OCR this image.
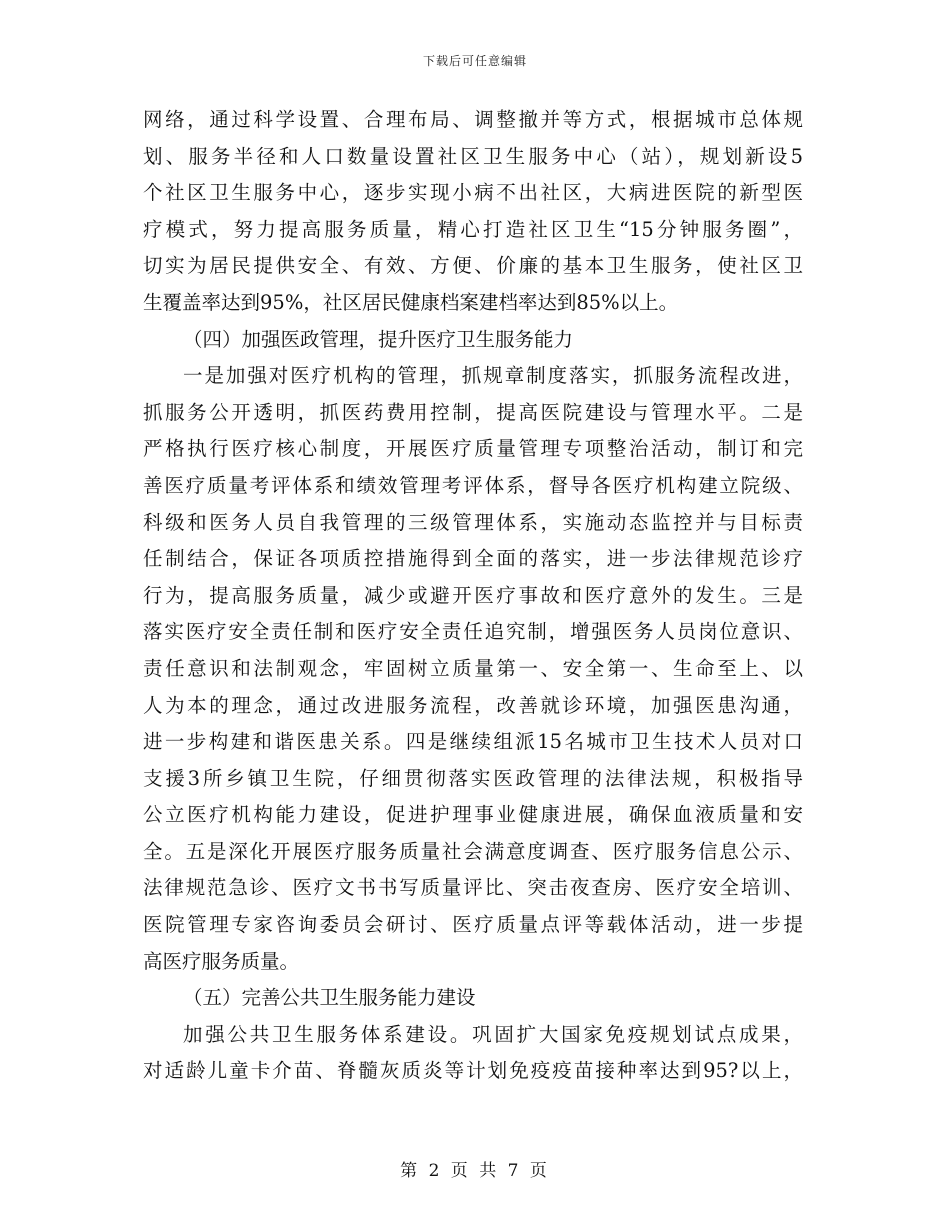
下载后可任意编辑
网络，通过科学设置、合理布局、调整撤并等方式，根据城市总体规
划、服务半径和人口数量设置社区卫生服务中心（站），规划新设5
个社区卫生服务中心，逐步实现小病不出社区，大病进医院的新型医
疗模式，努力提高服务质量，精心打造社区卫生“15分钟服务圈”，
切实为居民提供安全、有效、方便、价廉的基本卫生服务，使社区卫
生覆盖率达到95%，社区居民健康档案建档率达到85%以上。
（四）加强医政管理，提升医疗卫生服务能力
一是加强对医疗机构的管理，抓规章制度落实，抓服务流程改进，
抓服务公开透明，抓医药费用控制，提高医院建设与管理水平。二是
严格执行医疗核心制度，开展医疗质量管理专项整治活动，制订和完
善医疗质量考评体系和绩效管理考评体系，督导各医疗机构建立院级、
科级和医务人员自我管理的三级管理体系，实施动态监控并与目标责
任制结合，保证各项质控措施得到全面的落实，进一步法律规范诊疗
行为，提高服务质量，减少或避开医疗事故和医疗意外的发生。三是
落实医疗安全责任制和医疗安全责任追究制，增强医务人员岗位意识、
责任意识和法制观念，牢固树立质量第一、安全第一、生命至上、以
人为本的理念，通过改进服务流程，改善就诊环境，加强医患沟通，
进一步构建和谐医患关系。四是继续组派15名城市卫生技术人员对口
支援3所乡镇卫生院，仔细贯彻落实医政管理的法律法规，积极指导
公立医疗机构能力建设，促进护理事业健康进展，确保血液质量和安
全。五是深化开展医疗服务质量社会满意度调查、医疗服务信息公示、
法律规范急诊、医疗文书书写质量评比、突击夜查房、医疗安全培训、
医院管理专家咨询委员会研讨、医疗质量点评等载体活动，进一步提
高医疗服务质量。
（五）完善公共卫生服务能力建设
加强公共卫生服务体系建设。巩固扩大国家免疫规划试点成果，
对适龄儿童卡介苗、脊髓灰质炎等计划免疫疫苗接种率达到95?以上，
第 2 页 共 7 页
